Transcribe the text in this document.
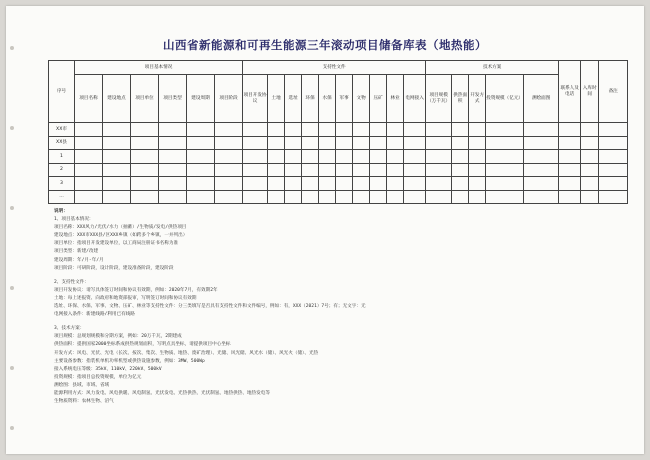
山西省新能源和可再生能源三年滚动项目储备库表（地热能）
序号	项目基本情况						支持性文件										技术方案					联系人及电话	入库时间	备注
	项目名称	建设地点	项目单位	项目类型	建设周期	项目阶段	项目开发协议	土地	选址	环保	水保	军事	文物	压矿	林业	电网接入	项目规模（万千瓦）	供热面积	开发方式	投资规模（亿元）	测绘面图			
XX市																								
XX县																								
1																								
2																								
3																								
…																								
说明：
1、项目基本情况：
项目名称：XXX风力/光伏/水力（抽蓄）/生物质/发电/供热项目
建设地点：XXX市XXX县/区XXX乡镇（如跨多个乡镇，一并列出）
项目单位：指项目开发建设单位，以工商局注册证书名称为准
项目类型：新建/改建
建设周期：年/月-年/月
项目阶段：可研阶段，设计阶段，建设准备阶段，建设阶段
2、支持性文件：
项目开发协议：请写具体签订时间和协议有效期，例如：2020年7月，有效期2年
土地：每上述报资、向政府和地资部报审，写明签订时间和协议有效期
选址、环保、水保、军事、文物、压矿、林业等支持性文件：分三类填写是否具有支持性文件和文件编号，例如：有，XXX（2021）7号；有；无文字：无
电网接入条件：新建线路/利用已有线路
3、技术方案：
项目规模：总规划规模和分期方案，例如：20万千瓦，2期建成
供热面积：提供国家2000坐标系成供热规划面积，写明点具坐标，请提供项目中心坐标
开发方式：风电、光伏、光电（长次、按次、集次、生物质、地热、废矿治理）、光储、风光储、风光水（储）、风光火（储）、光热
主要设备参数：指装机单机功率机型或供热设施参数，例如：3MW、500Wp
接入系统电压等级：35kV、110kV、220kV、500kV
投资规模：指项目总投资规模，单位为亿元
测绘图：县域、市域、省域
能源利用方式：风力发电、风电供暖、风电制氢、光伏发电、光热供热、光伏制氢、地热供热、地热发电等
生物质资料：农林生物、沼气
